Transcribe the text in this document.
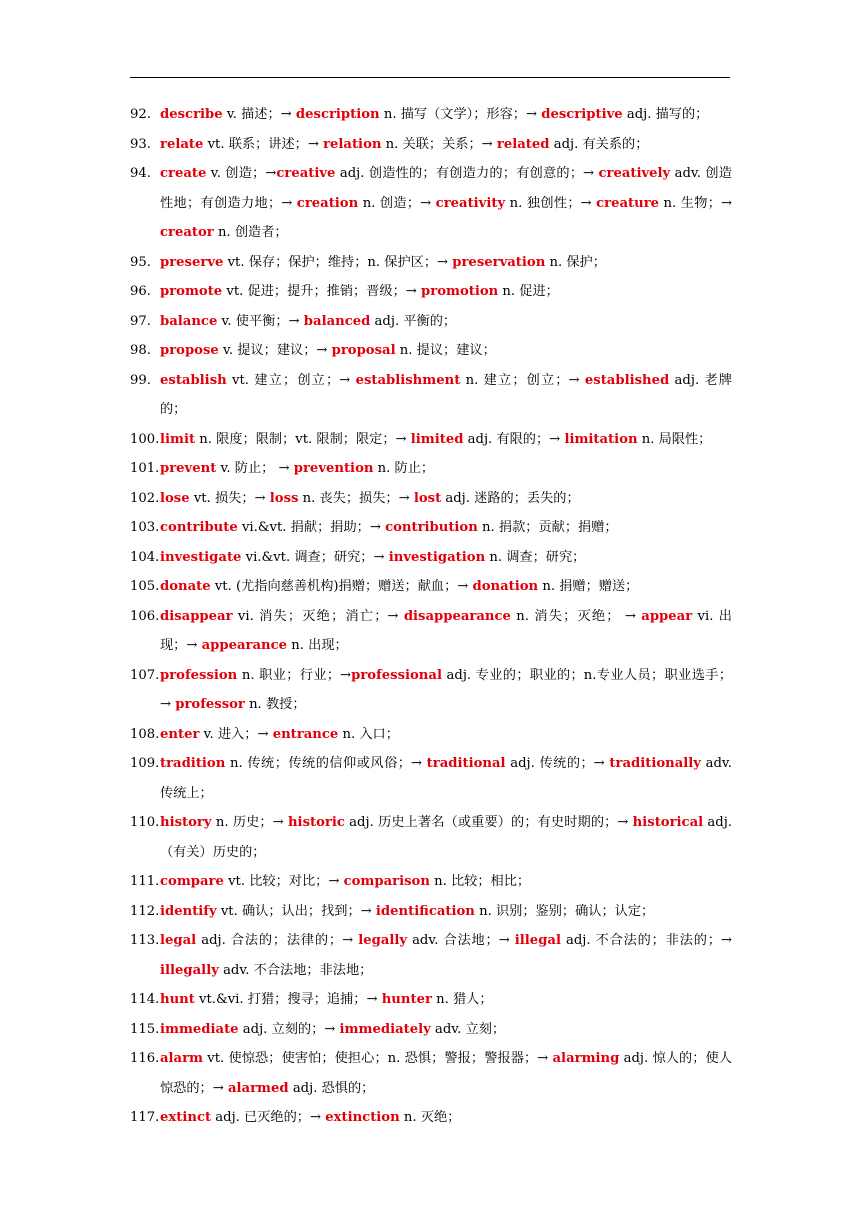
92. describe v. 描述；→ description n. 描写（文学）；形容；→ descriptive adj. 描写的；
93. relate vt. 联系；讲述；→ relation n. 关联；关系；→ related adj. 有关系的；
94. create v. 创造；→creative adj. 创造性的；有创造力的；有创意的；→ creatively adv. 创造性地；有创造力地；→ creation n. 创造；→ creativity n. 独创性；→ creature n. 生物；→ creator n. 创造者；
95. preserve vt. 保存；保护；维持；n. 保护区；→ preservation n. 保护；
96. promote vt. 促进；提升；推销；晋级；→ promotion n. 促进；
97. balance v. 使平衡；→ balanced adj. 平衡的；
98. propose v. 提议；建议；→ proposal n. 提议；建议；
99. establish vt. 建立；创立；→ establishment n. 建立；创立；→ established adj. 老牌的；
100. limit n. 限度；限制；vt. 限制；限定；→ limited adj. 有限的；→ limitation n. 局限性；
101. prevent v. 防止； → prevention n. 防止；
102. lose vt. 损失；→ loss n. 丧失；损失；→ lost adj. 迷路的；丢失的；
103. contribute vi.&vt. 捐献；捐助；→ contribution n. 捐款；贡献；捐赠；
104. investigate vi.&vt. 调查；研究；→ investigation n. 调查；研究；
105. donate vt. (尤指向慈善机构)捐赠；赠送；献血；→ donation n. 捐赠；赠送；
106. disappear vi. 消失；灭绝；消亡；→ disappearance n. 消失；灭绝； → appear vi. 出现；→ appearance n. 出现；
107. profession n. 职业；行业；→professional adj. 专业的；职业的；n.专业人员；职业选手；→ professor n. 教授；
108. enter v. 进入；→ entrance n. 入口；
109. tradition n. 传统；传统的信仰或风俗；→ traditional adj. 传统的；→ traditionally adv. 传统上；
110. history n. 历史；→ historic adj. 历史上著名（或重要）的；有史时期的；→ historical adj.（有关）历史的；
111. compare vt. 比较；对比；→ comparison n. 比较；相比；
112. identify vt. 确认；认出；找到；→ identification n. 识别；鉴别；确认；认定；
113. legal adj. 合法的；法律的；→ legally adv. 合法地；→ illegal adj. 不合法的；非法的；→ illegally adv. 不合法地；非法地；
114. hunt vt.&vi. 打猎；搜寻；追捕；→ hunter n. 猎人；
115. immediate adj. 立刻的；→ immediately adv. 立刻；
116. alarm vt. 使惊恐；使害怕；使担心；n. 恐惧；警报；警报器；→ alarming adj. 惊人的；使人惊恐的；→ alarmed adj. 恐惧的；
117. extinct adj. 已灭绝的；→ extinction n. 灭绝；
